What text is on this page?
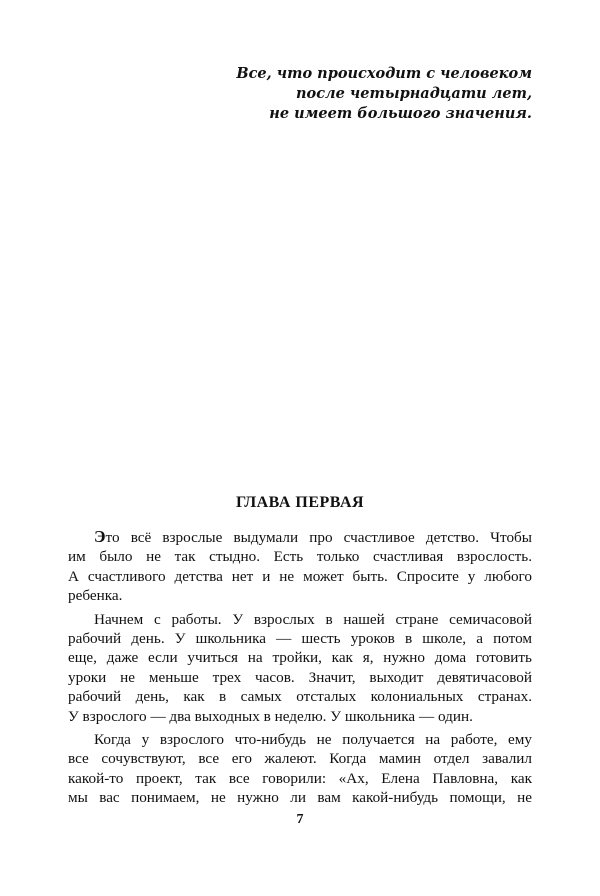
Все, что происходит с человеком
после четырнадцати лет,
не имеет большого значения.
ГЛАВА ПЕРВАЯ
Это всё взрослые выдумали про счастливое детство. Чтобы
им было не так стыдно. Есть только счастливая взрослость.
А счастливого детства нет и не может быть. Спросите у любого
ребенка.
Начнем с работы. У взрослых в нашей стране семичасовой
рабочий день. У школьника — шесть уроков в школе, а потом
еще, даже если учиться на тройки, как я, нужно дома готовить
уроки не меньше трех часов. Значит, выходит девятичасовой
рабочий день, как в самых отсталых колониальных странах.
У взрослого — два выходных в неделю. У школьника — один.
Когда у взрослого что-нибудь не получается на работе, ему
все сочувствуют, все его жалеют. Когда мамин отдел завалил
какой-то проект, так все говорили: «Ах, Елена Павловна, как
мы вас понимаем, не нужно ли вам какой-нибудь помощи, не
7
